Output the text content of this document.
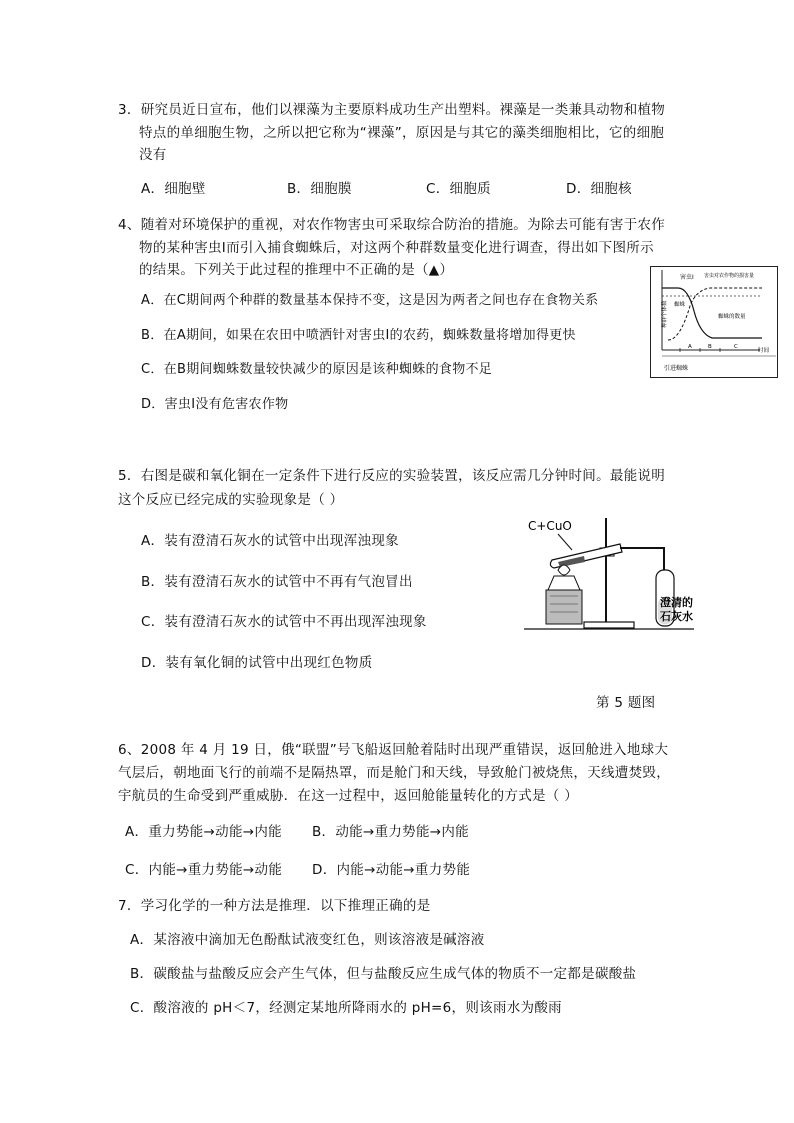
3．研究员近日宣布，他们以裸藻为主要原料成功生产出塑料。裸藻是一类兼具动物和植物
特点的单细胞生物，之所以把它称为“裸藻”，原因是与其它的藻类细胞相比，它的细胞
没有
A．细胞壁	B．细胞膜	C．细胞质	D．细胞核
4、随着对环境保护的重视，对农作物害虫可采取综合防治的措施。为除去可能有害于农作
物的某种害虫Ⅰ而引入捕食蜘蛛后，对这两个种群数量变化进行调查，得出如下图所示
的结果。下列关于此过程的推理中不正确的是（▲）
A．在C期间两个种群的数量基本保持不变，这是因为两者之间也存在食物关系
B．在A期间，如果在农田中喷洒针对害虫Ⅰ的农药，蜘蛛数量将增加得更快
C．在B期间蜘蛛数量较快减少的原因是该种蜘蛛的食物不足
D．害虫Ⅰ没有危害农作物
害虫Ⅰ 害虫对农作物的损害量
蜘蛛
蜘蛛的数量
种群个体数
A	B	C
时间
引进蜘蛛
5．右图是碳和氧化铜在一定条件下进行反应的实验装置，该反应需几分钟时间。最能说明
这个反应已经完成的实验现象是（ ）
A．装有澄清石灰水的试管中出现浑浊现象
B．装有澄清石灰水的试管中不再有气泡冒出
C．装有澄清石灰水的试管中不再出现浑浊现象
D．装有氧化铜的试管中出现红色物质
第 5 题图
C+CuO
澄清的
石灰水
6、2008 年 4 月 19 日，俄“联盟”号飞船返回舱着陆时出现严重错误，返回舱进入地球大
气层后，朝地面飞行的前端不是隔热罩，而是舱门和天线，导致舱门被烧焦，天线遭焚毁，
宇航员的生命受到严重威胁．在这一过程中，返回舱能量转化的方式是（ ）
A．重力势能→动能→内能 B．动能→重力势能→内能
C．内能→重力势能→动能 D．内能→动能→重力势能
7．学习化学的一种方法是推理．以下推理正确的是
A．某溶液中滴加无色酚酞试液变红色，则该溶液是碱溶液
B．碳酸盐与盐酸反应会产生气体，但与盐酸反应生成气体的物质不一定都是碳酸盐
C．酸溶液的 pH＜7，经测定某地所降雨水的 pH=6，则该雨水为酸雨
